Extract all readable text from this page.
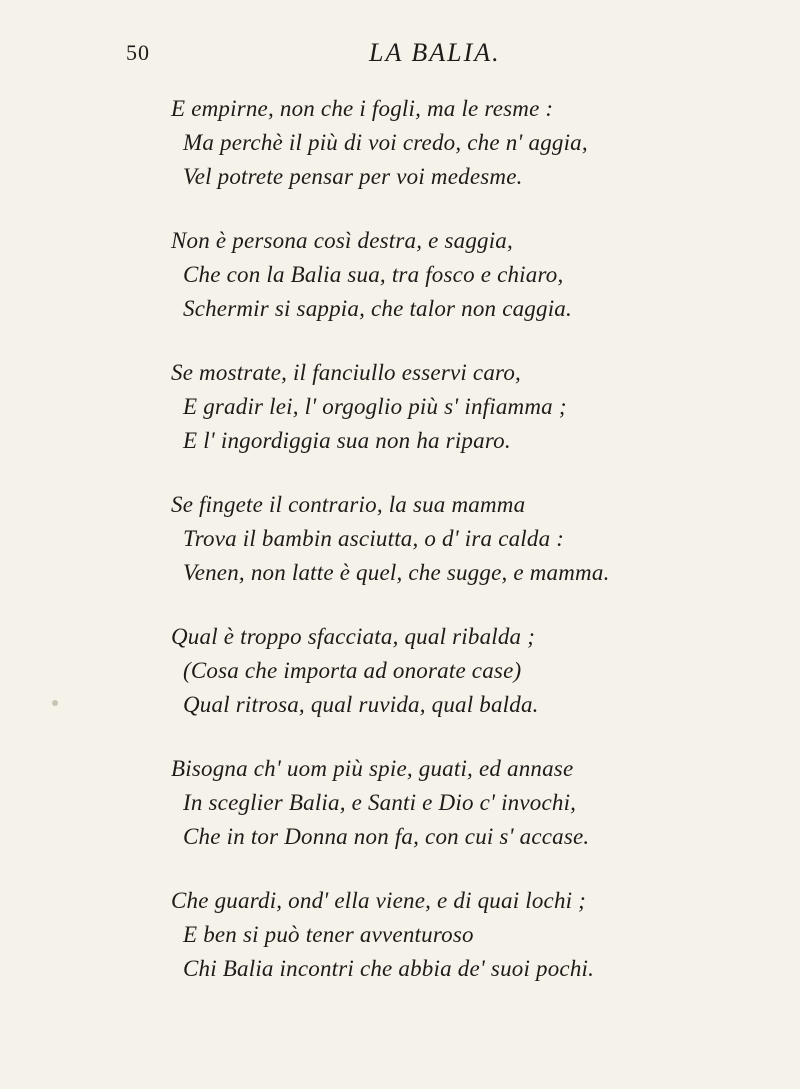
50	LA BALIA.
E empirne, non che i fogli, ma le resme :
Ma perchè il più di voi credo, che n' aggia,
Vel potrete pensar per voi medesme.
Non è persona così destra, e saggia,
Che con la Balia sua, tra fosco e chiaro,
Schermir si sappia, che talor non caggia.
Se mostrate, il fanciullo esservi caro,
E gradir lei, l' orgoglio più s' infiamma ;
E l' ingordiggia sua non ha riparo.
Se fingete il contrario, la sua mamma
Trova il bambin asciutta, o d' ira calda :
Venen, non latte è quel, che sugge, e mamma.
Qual è troppo sfacciata, qual ribalda ;
(Cosa che importa ad onorate case)
Qual ritrosa, qual ruvida, qual balda.
Bisogna ch' uom più spie, guati, ed annase
In sceglier Balia, e Santi e Dio c' invochi,
Che in tor Donna non fa, con cui s' accase.
Che guardi, ond' ella viene, e di quai lochi ;
E ben si può tener avventuroso
Chi Balia incontri che abbia de' suoi pochi.
